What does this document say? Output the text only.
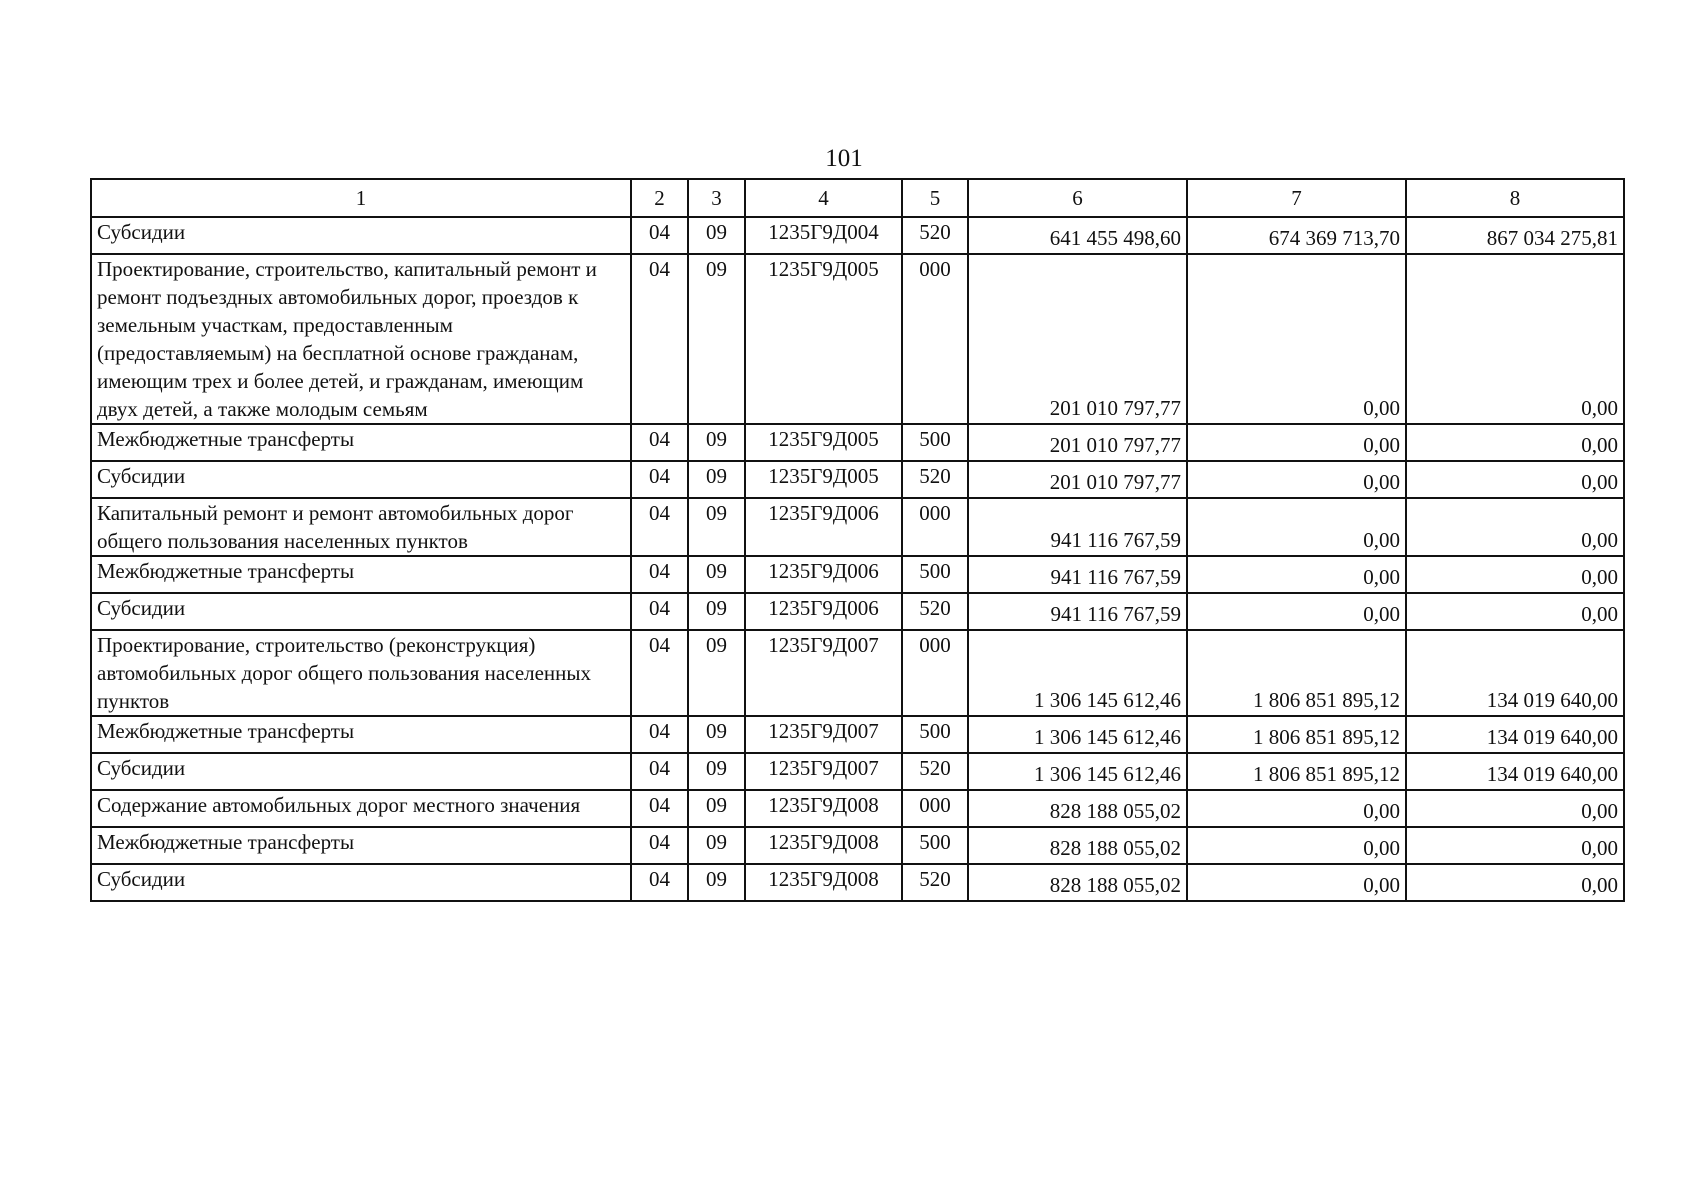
101
1	2	3	4	5	6	7	8
Субсидии	04	09	1235Г9Д004	520	641 455 498,60	674 369 713,70	867 034 275,81
Проектирование, строительство, капитальный ремонт и ремонт подъездных автомобильных дорог, проездов к земельным участкам, предоставленным (предоставляемым) на бесплатной основе гражданам, имеющим трех и более детей, и гражданам, имеющим двух детей, а также молодым семьям	04	09	1235Г9Д005	000	201 010 797,77	0,00	0,00
Межбюджетные трансферты	04	09	1235Г9Д005	500	201 010 797,77	0,00	0,00
Субсидии	04	09	1235Г9Д005	520	201 010 797,77	0,00	0,00
Капитальный ремонт и ремонт автомобильных дорог общего пользования населенных пунктов	04	09	1235Г9Д006	000	941 116 767,59	0,00	0,00
Межбюджетные трансферты	04	09	1235Г9Д006	500	941 116 767,59	0,00	0,00
Субсидии	04	09	1235Г9Д006	520	941 116 767,59	0,00	0,00
Проектирование, строительство (реконструкция) автомобильных дорог общего пользования населенных пунктов	04	09	1235Г9Д007	000	1 306 145 612,46	1 806 851 895,12	134 019 640,00
Межбюджетные трансферты	04	09	1235Г9Д007	500	1 306 145 612,46	1 806 851 895,12	134 019 640,00
Субсидии	04	09	1235Г9Д007	520	1 306 145 612,46	1 806 851 895,12	134 019 640,00
Содержание автомобильных дорог местного значения	04	09	1235Г9Д008	000	828 188 055,02	0,00	0,00
Межбюджетные трансферты	04	09	1235Г9Д008	500	828 188 055,02	0,00	0,00
Субсидии	04	09	1235Г9Д008	520	828 188 055,02	0,00	0,00
